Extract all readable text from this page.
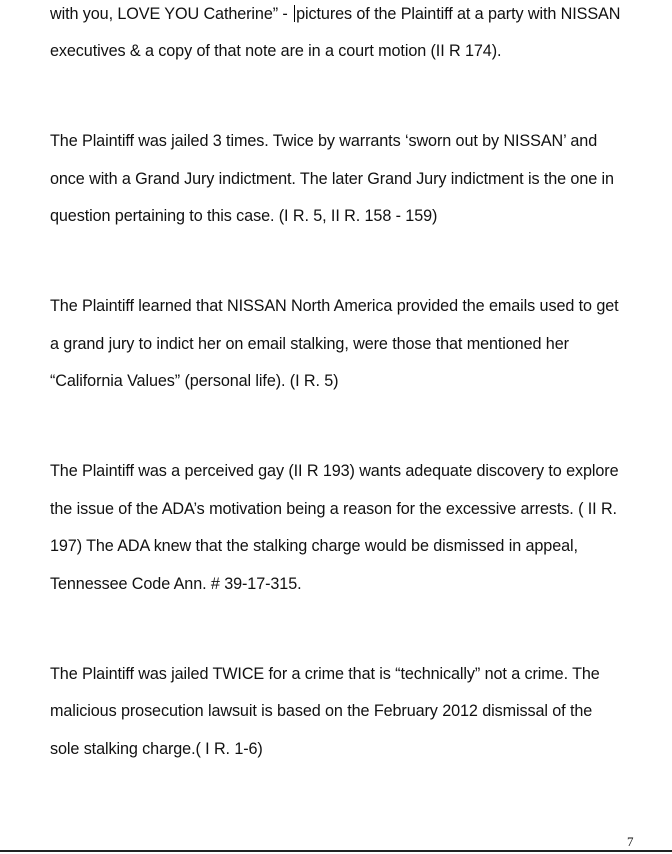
with you, LOVE YOU Catherine” - pictures of the Plaintiff at a party with NISSAN
executives & a copy of that note are in a court motion (II R 174).
The Plaintiff was jailed 3 times. Twice by warrants ‘sworn out by NISSAN’ and
once with a Grand Jury indictment. The later Grand Jury indictment is the one in
question pertaining to this case. (I R. 5, II R. 158 - 159)
The Plaintiff learned that NISSAN North America provided the emails used to get
a grand jury to indict her on email stalking, were those that mentioned her
“California Values” (personal life). (I R. 5)
The Plaintiff was a perceived gay (II R 193) wants adequate discovery to explore
the issue of the ADA’s motivation being a reason for the excessive arrests. ( II R.
197) The ADA knew that the stalking charge would be dismissed in appeal,
Tennessee Code Ann. # 39-17-315.
The Plaintiff was jailed TWICE for a crime that is “technically” not a crime. The
malicious prosecution lawsuit is based on the February 2012 dismissal of the
sole stalking charge.( I R. 1-6)
7
